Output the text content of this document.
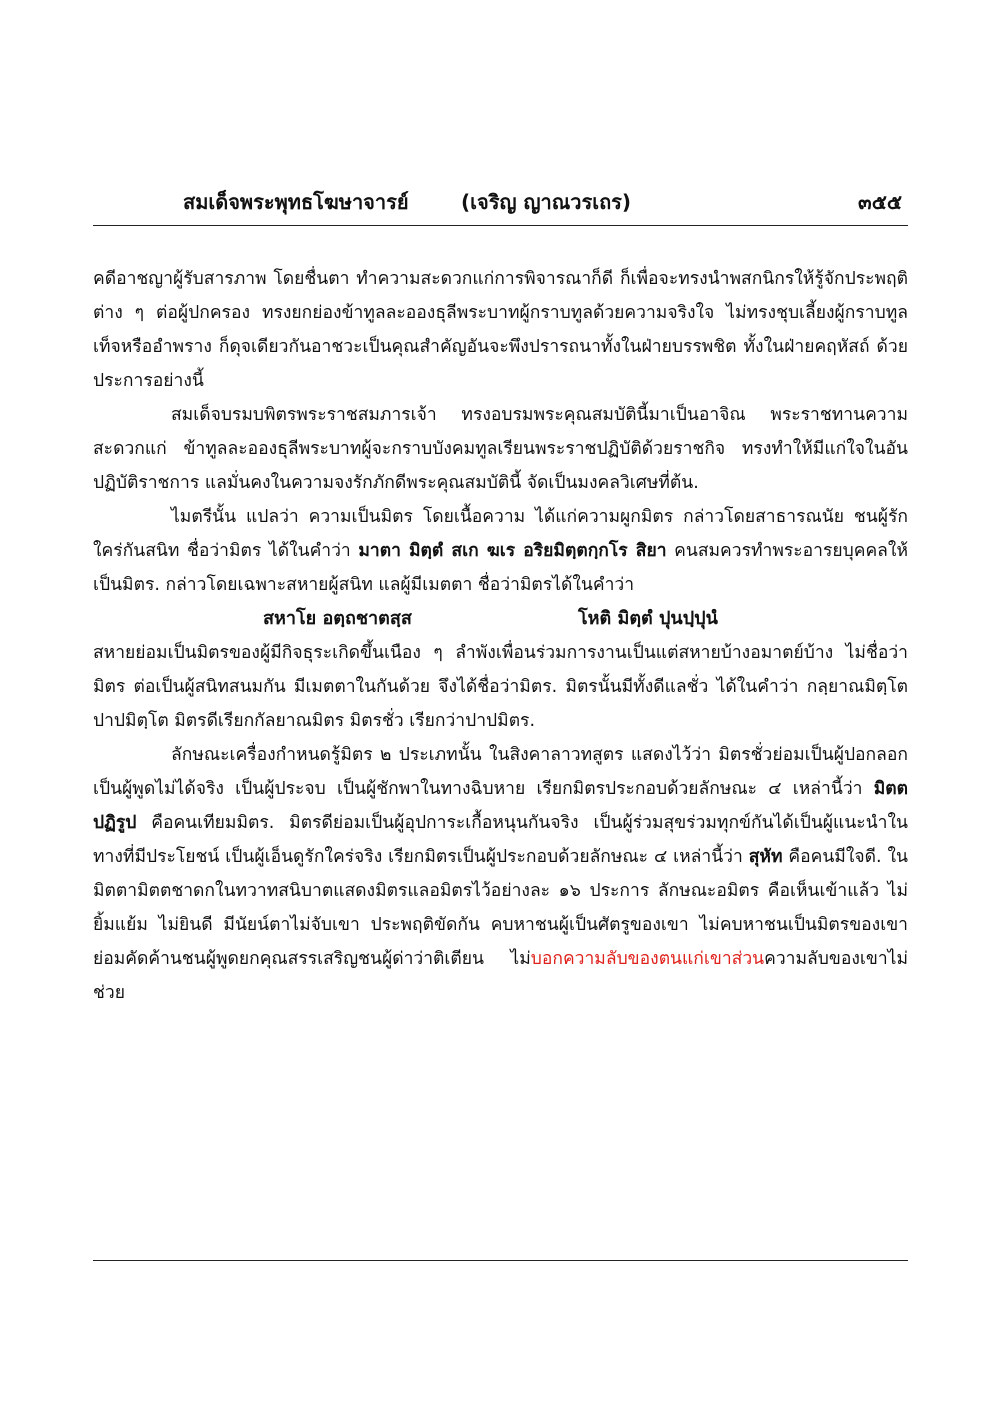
สมเด็จพระพุทธโฆษาจารย์	(เจริญ ญาณวรเถร)	๓๕๕

คดีอาชญาผู้รับสารภาพ โดยชื่นตา ทำความสะดวกแก่การพิจารณาก็ดี ก็เพื่อจะทรงนำพสกนิกรให้รู้จักประพฤติต่าง ๆ ต่อผู้ปกครอง ทรงยกย่องข้าทูลละอองธุลีพระบาทผู้กราบทูลด้วยความจริงใจ ไม่ทรงชุบเลี้ยงผู้กราบทูลเท็จหรืออำพราง ก็ดุจเดียวกันอาชวะเป็นคุณสำคัญอันจะพึงปรารถนาทั้งในฝ่ายบรรพชิต ทั้งในฝ่ายคฤหัสถ์ ด้วยประการอย่างนี้

สมเด็จบรมบพิตรพระราชสมภารเจ้า ทรงอบรมพระคุณสมบัตินี้มาเป็นอาจิณ พระราชทานความสะดวกแก่ ข้าทูลละอองธุลีพระบาทผู้จะกราบบังคมทูลเรียนพระราชปฏิบัติด้วยราชกิจ ทรงทำให้มีแก่ใจในอันปฏิบัติราชการ แลมั่นคงในความจงรักภักดีพระคุณสมบัตินี้ จัดเป็นมงคลวิเศษที่ต้น.

ไมตรีนั้น แปลว่า ความเป็นมิตร โดยเนื้อความ ได้แก่ความผูกมิตร กล่าวโดยสาธารณนัย ชนผู้รักใคร่กันสนิท ชื่อว่ามิตร ได้ในคำว่า มาตา มิตฺตํ สเก ฆเร อริยมิตฺตกฺกโร สิยา คนสมควรทำพระอารยบุคคลให้เป็นมิตร. กล่าวโดยเฉพาะสหายผู้สนิท แลผู้มีเมตตา ชื่อว่ามิตรได้ในคำว่า

สหาโย อตฺถชาตสฺส	โหติ มิตฺตํ ปุนปฺปุนํ

สหายย่อมเป็นมิตรของผู้มีกิจธุระเกิดขึ้นเนือง ๆ ลำพังเพื่อนร่วมการงานเป็นแต่สหายบ้างอมาตย์บ้าง ไม่ชื่อว่ามิตร ต่อเป็นผู้สนิทสนมกัน มีเมตตาในกันด้วย จึงได้ชื่อว่ามิตร. มิตรนั้นมีทั้งดีแลชั่ว ได้ในคำว่า กลฺยาณมิตฺโต ปาปมิตฺโต มิตรดีเรียกกัลยาณมิตร มิตรชั่ว เรียกว่าปาปมิตร.

ลักษณะเครื่องกำหนดรู้มิตร ๒ ประเภทนั้น ในสิงคาลาวทสูตร แสดงไว้ว่า มิตรชั่วย่อมเป็นผู้ปอกลอก เป็นผู้พูดไม่ได้จริง เป็นผู้ประจบ เป็นผู้ชักพาในทางฉิบหาย เรียกมิตรประกอบด้วยลักษณะ ๔ เหล่านี้ว่า มิตตปฏิรูป คือคนเทียมมิตร. มิตรดีย่อมเป็นผู้อุปการะเกื้อหนุนกันจริง เป็นผู้ร่วมสุขร่วมทุกข์กันได้เป็นผู้แนะนำในทางที่มีประโยชน์ เป็นผู้เอ็นดูรักใคร่จริง เรียกมิตรเป็นผู้ประกอบด้วยลักษณะ ๔ เหล่านี้ว่า สุหัท คือคนมีใจดี. ในมิตตามิตตชาดกในทวาทสนิบาตแสดงมิตรแลอมิตรไว้อย่างละ ๑๖ ประการ ลักษณะอมิตร คือเห็นเข้าแล้ว ไม่ยิ้มแย้ม ไม่ยินดี มีนัยน์ตาไม่จับเขา ประพฤติขัดกัน คบหาชนผู้เป็นศัตรูของเขา ไม่คบหาชนเป็นมิตรของเขา ย่อมคัดค้านชนผู้พูดยกคุณสรรเสริญชนผู้ด่าว่าติเตียน ไม่บอกความลับของตนแก่เขาส่วนความลับของเขาไม่ช่วย
